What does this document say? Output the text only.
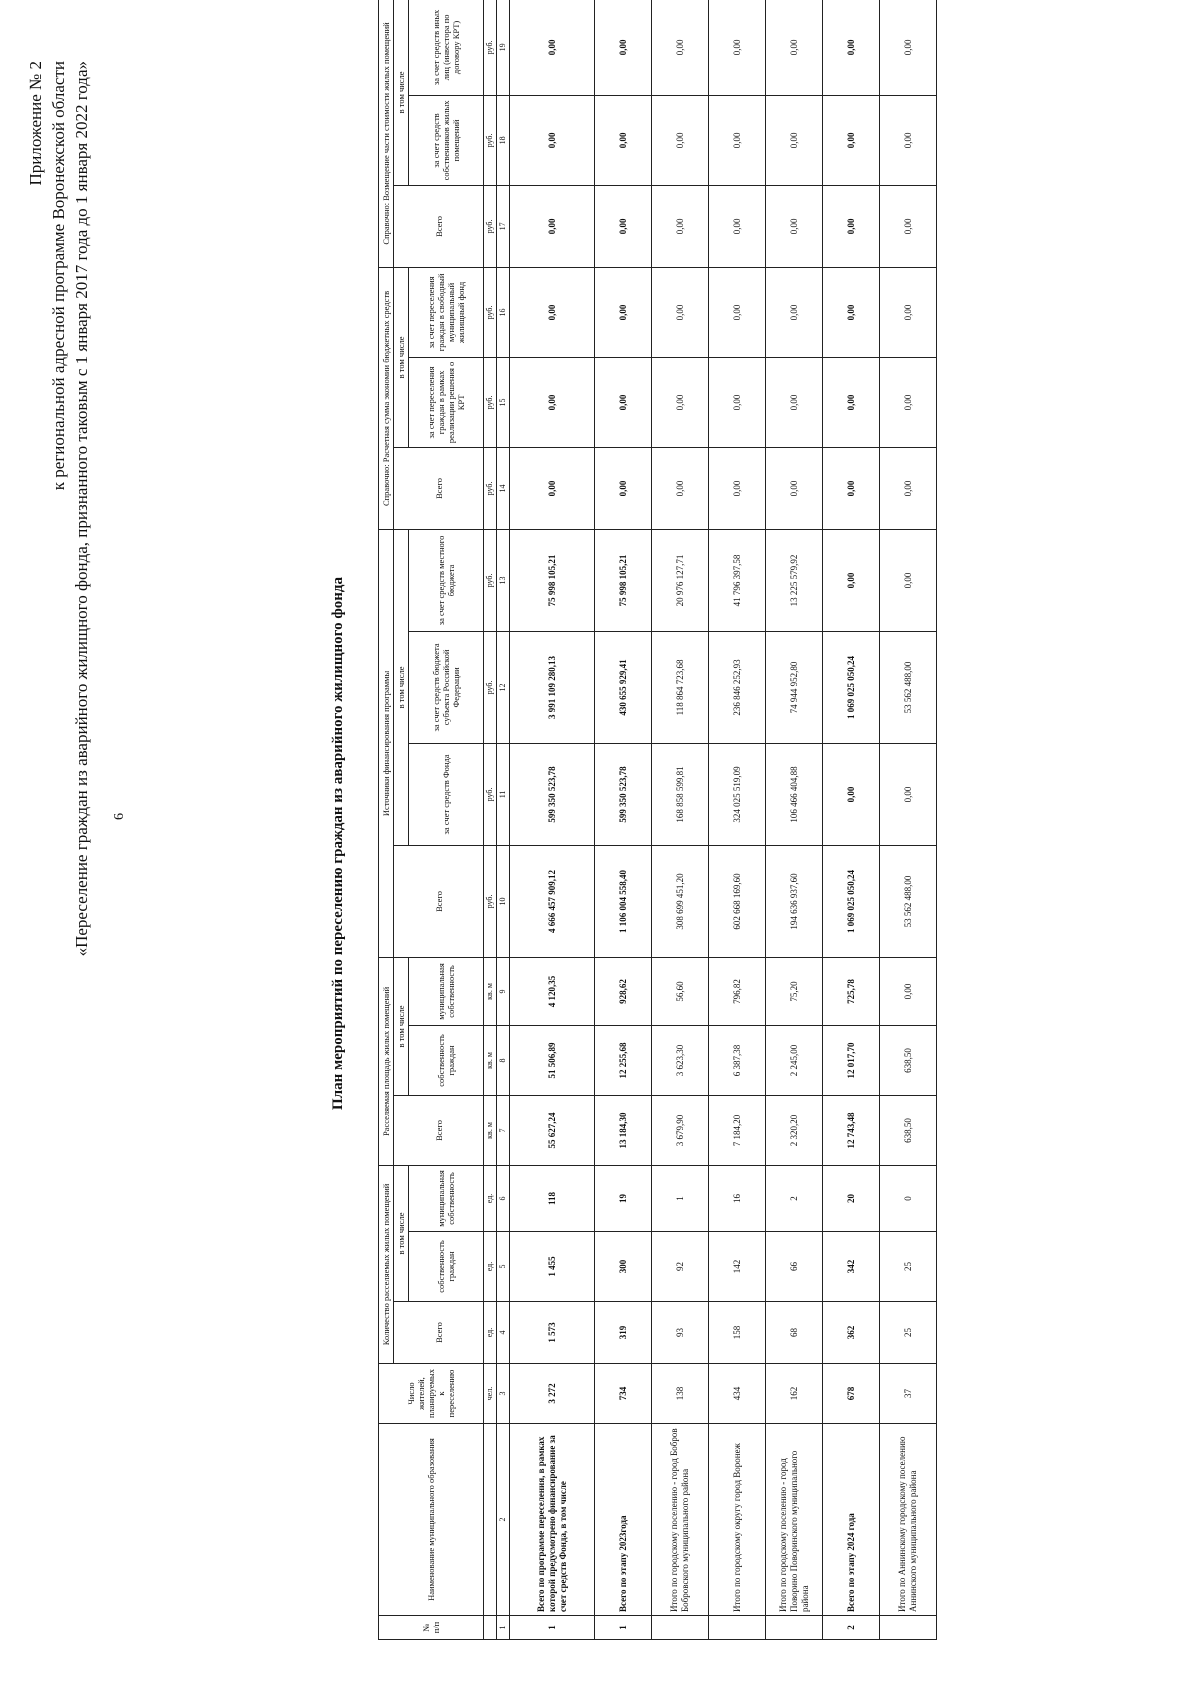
6
Приложение № 2 к региональной адресной программе Воронежской области «Переселение граждан из аварийного жилищного фонда, признанного таковым с 1 января 2017 года до 1 января 2022 года»	План мероприятий по переселению граждан из аварийного жилищного фонда
№ п/п	Наименование муниципального образования	Число жителей, планируемых к переселению	Количество расселяемых жилых помещений			Расселяемая площадь жилых помещений			Источники финансирования программы				Справочно: Расчетная сумма экономии бюджетных средств			Справочно: Возмещение части стоимости жилых помещений		
			Всего	в том числе		Всего	в том числе		Всего	в том числе			Всего	в том числе		Всего	в том числе	
				собственность граждан	муниципальная собственность		собственность граждан	муниципальная собственность		за счет средств Фонда	за счет средств бюджета субъекта Российской Федерации	за счет средств местного бюджета		за счет переселения граждан в рамках реализации решения о КРТ	за счет переселения граждан в свободный муниципальный жилищный фонд		за счет средств собственников жилых помещений	за счет средств иных лиц (инвестора по договору КРТ)
		чел.	ед.	ед.	ед.	кв. м	кв. м	кв. м	руб.	руб.	руб.	руб.	руб.	руб.	руб.	руб.	руб.	руб.
1	2	3	4	5	6	7	8	9	10	11	12	13	14	15	16	17	18	19
1	Всего по программе переселения, в рамках которой предусмотрено финансирование за счет средств Фонда, в том числе	3 272	1 573	1 455	118	55 627,24	51 506,89	4 120,35	4 666 457 909,12	599 350 523,78	3 991 109 280,13	75 998 105,21	0,00	0,00	0,00	0,00	0,00	0,00
1	Всего по этапу 2023года	734	319	300	19	13 184,30	12 255,68	928,62	1 106 004 558,40	599 350 523,78	430 655 929,41	75 998 105,21	0,00	0,00	0,00	0,00	0,00	0,00
	Итого по городскому поселению - город Бобров Бобровского муниципального района	138	93	92	1	3 679,90	3 623,30	56,60	308 699 451,20	168 858 599,81	118 864 723,68	20 976 127,71	0,00	0,00	0,00	0,00	0,00	0,00
	Итого по городскому округу город Воронеж	434	158	142	16	7 184,20	6 387,38	796,82	602 668 169,60	324 025 519,09	236 846 252,93	41 796 397,58	0,00	0,00	0,00	0,00	0,00	0,00
	Итого по городскому поселению - город Поворино Поворинского муниципального района	162	68	66	2	2 320,20	2 245,00	75,20	194 636 937,60	106 466 404,88	74 944 952,80	13 225 579,92	0,00	0,00	0,00	0,00	0,00	0,00
2	Всего по этапу 2024 года	678	362	342	20	12 743,48	12 017,70	725,78	1 069 025 050,24	0,00	1 069 025 050,24	0,00	0,00	0,00	0,00	0,00	0,00	0,00
	Итого по Аннинскому городскому поселению Аннинского муниципального района	37	25	25	0	638,50	638,50	0,00	53 562 488,00	0,00	53 562 488,00	0,00	0,00	0,00	0,00	0,00	0,00	0,00
